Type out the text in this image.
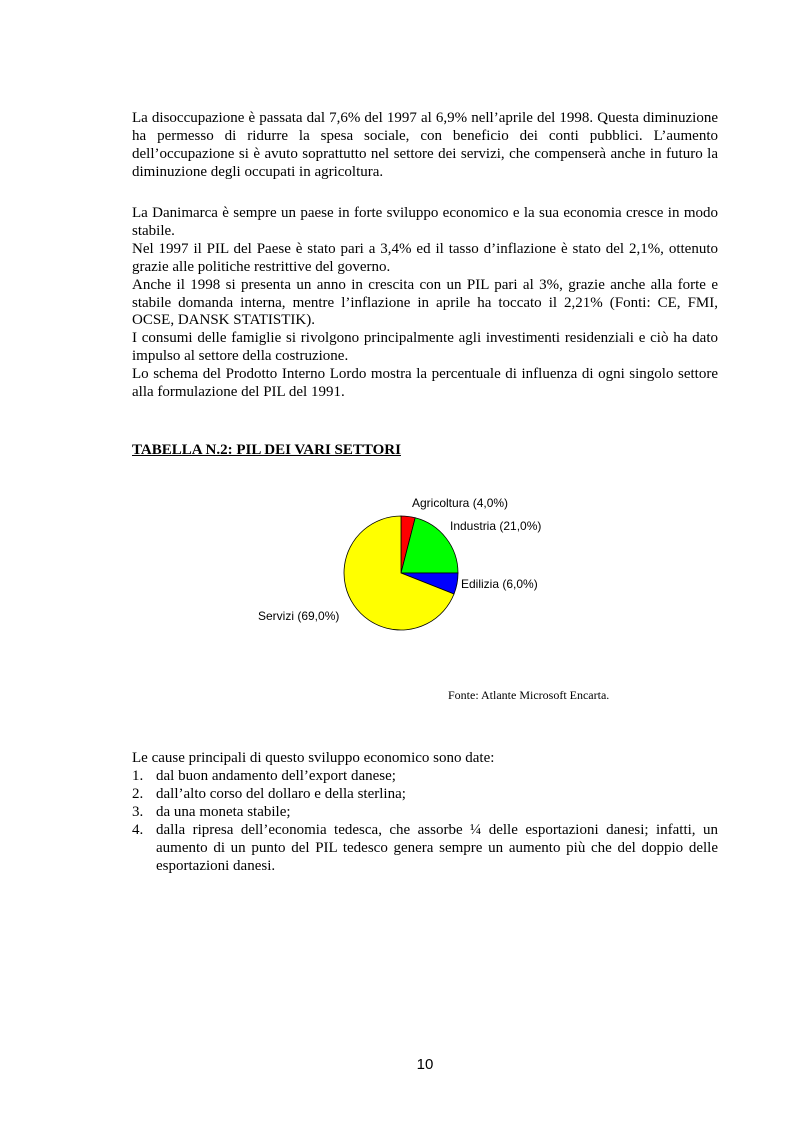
La disoccupazione è passata dal 7,6% del 1997 al 6,9% nell’aprile del 1998. Questa diminuzione ha permesso di ridurre la spesa sociale, con beneficio dei conti pubblici. L’aumento dell’occupazione si è avuto soprattutto nel settore dei servizi, che compenserà anche in futuro la diminuzione degli occupati in agricoltura.
La Danimarca è sempre un paese in forte sviluppo economico e la sua economia cresce in modo stabile.
Nel 1997 il PIL del Paese è stato pari a 3,4% ed il tasso d’inflazione è stato del 2,1%, ottenuto grazie alle politiche restrittive del governo.
Anche il 1998 si presenta un anno in crescita con un PIL pari al 3%, grazie anche alla forte e stabile domanda interna, mentre l’inflazione in aprile ha toccato il 2,21% (Fonti: CE, FMI, OCSE, DANSK STATISTIK).
I consumi delle famiglie si rivolgono principalmente agli investimenti residenziali e ciò ha dato impulso al settore della costruzione.
Lo schema del Prodotto Interno Lordo mostra la percentuale di influenza di ogni singolo settore alla formulazione del PIL del 1991.
TABELLA N.2: PIL DEI VARI SETTORI
Agricoltura (4,0%)
Industria (21,0%)
Edilizia (6,0%)
Servizi (69,0%)
Fonte: Atlante Microsoft Encarta.

Le cause principali di questo sviluppo economico sono date:

1. dal buon andamento dell’export danese;
2. dall’alto corso del dollaro e della sterlina;
3. da una moneta stabile;
4. dalla ripresa dell’economia tedesca, che assorbe ¼ delle esportazioni danesi; infatti, un aumento di un punto del PIL tedesco genera sempre un aumento più che del doppio delle esportazioni danesi.
10
